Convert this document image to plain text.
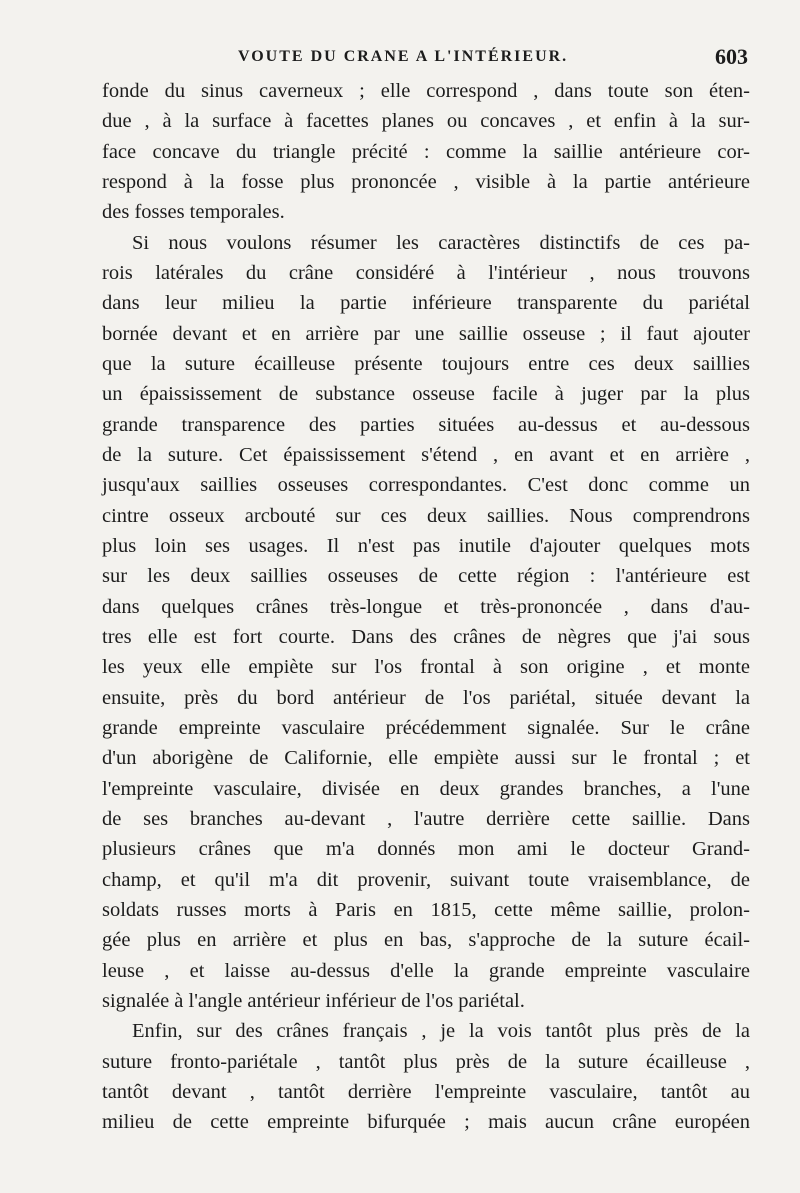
VOUTE DU CRANE A L'INTÉRIEUR.	603
fonde du sinus caverneux ; elle correspond , dans toute son éten-
due , à la surface à facettes planes ou concaves , et enfin à la sur-
face concave du triangle précité : comme la saillie antérieure cor-
respond à la fosse plus prononcée , visible à la partie antérieure
des fosses temporales.
Si nous voulons résumer les caractères distinctifs de ces pa-
rois latérales du crâne considéré à l'intérieur , nous trouvons
dans leur milieu la partie inférieure transparente du pariétal
bornée devant et en arrière par une saillie osseuse ; il faut ajouter
que la suture écailleuse présente toujours entre ces deux saillies
un épaississement de substance osseuse facile à juger par la plus
grande transparence des parties situées au-dessus et au-dessous
de la suture. Cet épaississement s'étend , en avant et en arrière ,
jusqu'aux saillies osseuses correspondantes. C'est donc comme un
cintre osseux arcbouté sur ces deux saillies. Nous comprendrons
plus loin ses usages. Il n'est pas inutile d'ajouter quelques mots
sur les deux saillies osseuses de cette région : l'antérieure est
dans quelques crânes très-longue et très-prononcée , dans d'au-
tres elle est fort courte. Dans des crânes de nègres que j'ai sous
les yeux elle empiète sur l'os frontal à son origine , et monte
ensuite, près du bord antérieur de l'os pariétal, située devant la
grande empreinte vasculaire précédemment signalée. Sur le crâne
d'un aborigène de Californie, elle empiète aussi sur le frontal ; et
l'empreinte vasculaire, divisée en deux grandes branches, a l'une
de ses branches au-devant , l'autre derrière cette saillie. Dans
plusieurs crânes que m'a donnés mon ami le docteur Grand-
champ, et qu'il m'a dit provenir, suivant toute vraisemblance, de
soldats russes morts à Paris en 1815, cette même saillie, prolon-
gée plus en arrière et plus en bas, s'approche de la suture écail-
leuse , et laisse au-dessus d'elle la grande empreinte vasculaire
signalée à l'angle antérieur inférieur de l'os pariétal.
Enfin, sur des crânes français , je la vois tantôt plus près de la
suture fronto-pariétale , tantôt plus près de la suture écailleuse ,
tantôt devant , tantôt derrière l'empreinte vasculaire, tantôt au
milieu de cette empreinte bifurquée ; mais aucun crâne européen
